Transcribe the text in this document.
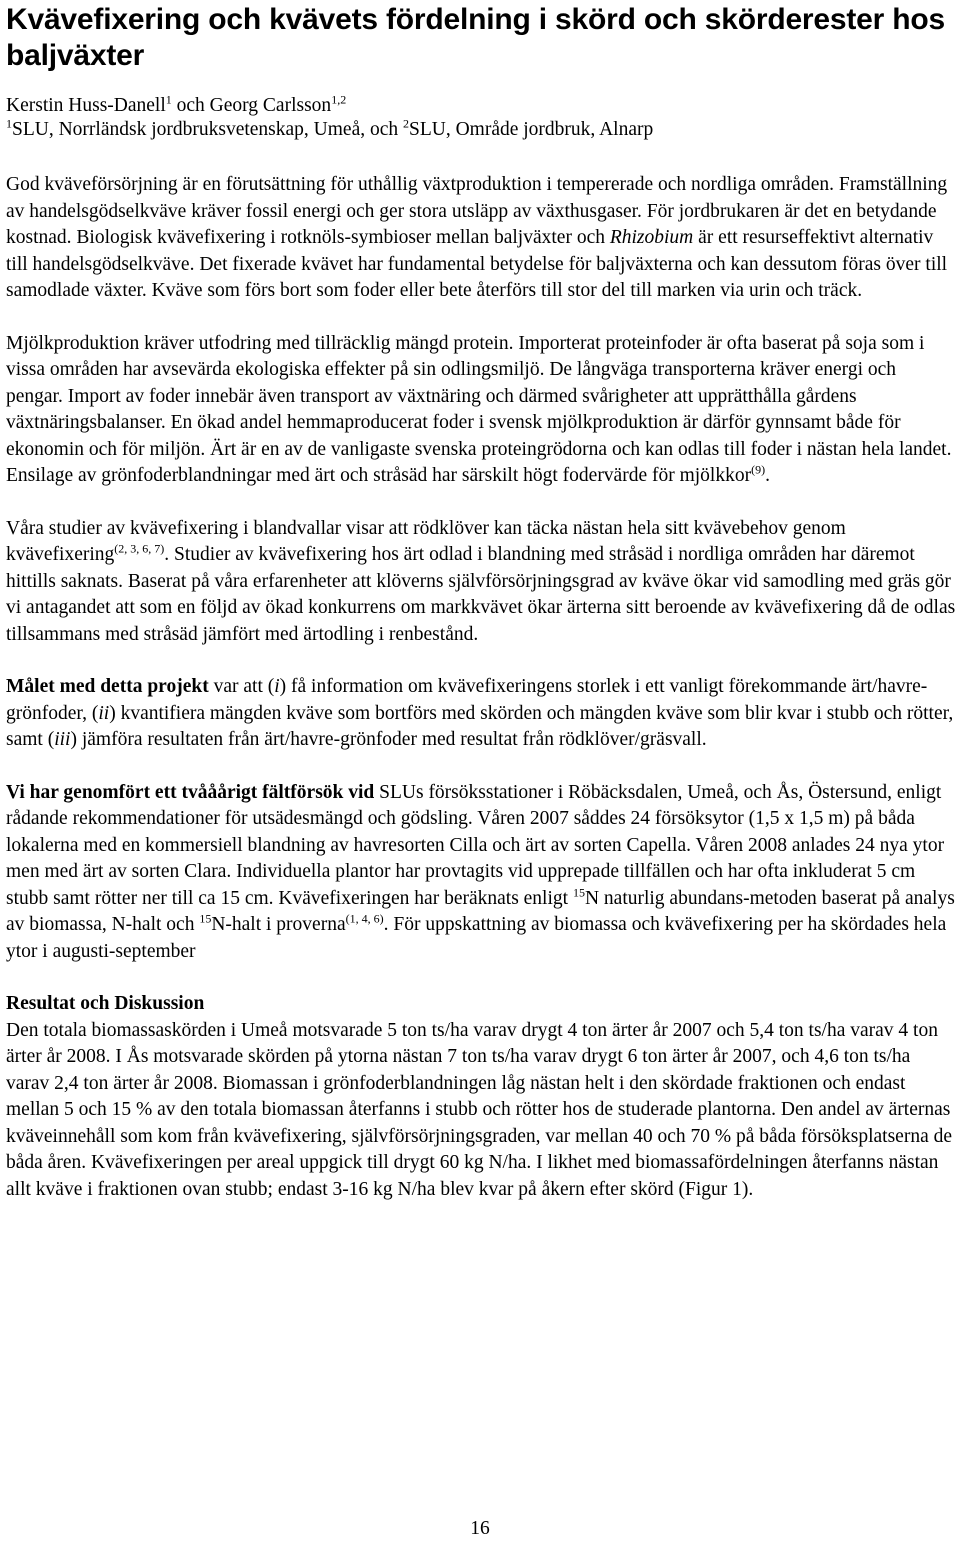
Kvävefixering och kvävets fördelning i skörd och skörderester hos baljväxter
Kerstin Huss-Danell$^1$ och Georg Carlsson$^{1,2}$
$^1$SLU, Norrländsk jordbruksvetenskap, Umeå, och $^2$SLU, Område jordbruk, Alnarp

God kväveförsörjning är en förutsättning för uthållig växtproduktion i tempererade och nordliga områden. Framställning av handelsgödselkväve kräver fossil energi och ger stora utsläpp av växthusgaser. För jordbrukaren är det en betydande kostnad. Biologisk kvävefixering i rotknöls-symbioser mellan baljväxter och Rhizobium är ett resurseffektivt alternativ till handelsgödselkväve. Det fixerade kvävet har fundamental betydelse för baljväxterna och kan dessutom föras över till samodlade växter. Kväve som förs bort som foder eller bete återförs till stor del till marken via urin och träck.

Mjölkproduktion kräver utfodring med tillräcklig mängd protein. Importerat proteinfoder är ofta baserat på soja som i vissa områden har avsevärda ekologiska effekter på sin odlingsmiljö. De långväga transporterna kräver energi och pengar. Import av foder innebär även transport av växtnäring och därmed svårigheter att upprätthålla gårdens växtnäringsbalanser. En ökad andel hemmaproducerat foder i svensk mjölkproduktion är därför gynnsamt både för ekonomin och för miljön. Ärt är en av de vanligaste svenska proteingrödorna och kan odlas till foder i nästan hela landet. Ensilage av grönfoderblandningar med ärt och stråsäd har särskilt högt fodervärde för mjölkkor$^{(9)}$.

Våra studier av kvävefixering i blandvallar visar att rödklöver kan täcka nästan hela sitt kvävebehov genom kvävefixering$^{(2, 3, 6, 7)}$. Studier av kvävefixering hos ärt odlad i blandning med stråsäd i nordliga områden har däremot hittills saknats. Baserat på våra erfarenheter att klöverns självförsörjningsgrad av kväve ökar vid samodling med gräs gör vi antagandet att som en följd av ökad konkurrens om markkvävet ökar ärterna sitt beroende av kvävefixering då de odlas tillsammans med stråsäd jämfört med ärtodling i renbestånd.

Målet med detta projekt var att (i) få information om kvävefixeringens storlek i ett vanligt förekommande ärt/havre-grönfoder, (ii) kvantifiera mängden kväve som bortförs med skörden och mängden kväve som blir kvar i stubb och rötter, samt (iii) jämföra resultaten från ärt/havre-grönfoder med resultat från rödklöver/gräsvall.

Vi har genomfört ett tvååårigt fältförsök vid SLUs försöksstationer i Röbäcksdalen, Umeå, och Ås, Östersund, enligt rådande rekommendationer för utsädesmängd och gödsling. Våren 2007 såddes 24 försöksytor (1,5 x 1,5 m) på båda lokalerna med en kommersiell blandning av havresorten Cilla och ärt av sorten Capella. Våren 2008 anlades 24 nya ytor men med ärt av sorten Clara. Individuella plantor har provtagits vid upprepade tillfällen och har ofta inkluderat 5 cm stubb samt rötter ner till ca 15 cm. Kvävefixeringen har beräknats enligt $^{15}$N naturlig abundans-metoden baserat på analys av biomassa, N-halt och $^{15}$N-halt i proverna$^{(1, 4, 6)}$. För uppskattning av biomassa och kvävefixering per ha skördades hela ytor i augusti-september

Resultat och Diskussion

Den totala biomassaskörden i Umeå motsvarade 5 ton ts/ha varav drygt 4 ton ärter år 2007 och 5,4 ton ts/ha varav 4 ton ärter år 2008. I Ås motsvarade skörden på ytorna nästan 7 ton ts/ha varav drygt 6 ton ärter år 2007, och 4,6 ton ts/ha varav 2,4 ton ärter år 2008. Biomassan i grönfoderblandningen låg nästan helt i den skördade fraktionen och endast mellan 5 och 15 % av den totala biomassan återfanns i stubb och rötter hos de studerade plantorna. Den andel av ärternas kväveinnehåll som kom från kvävefixering, självförsörjningsgraden, var mellan 40 och 70 % på båda försöksplatserna de båda åren. Kvävefixeringen per areal uppgick till drygt 60 kg N/ha. I likhet med biomassafördelningen återfanns nästan allt kväve i fraktionen ovan stubb; endast 3-16 kg N/ha blev kvar på åkern efter skörd (Figur 1).

16
